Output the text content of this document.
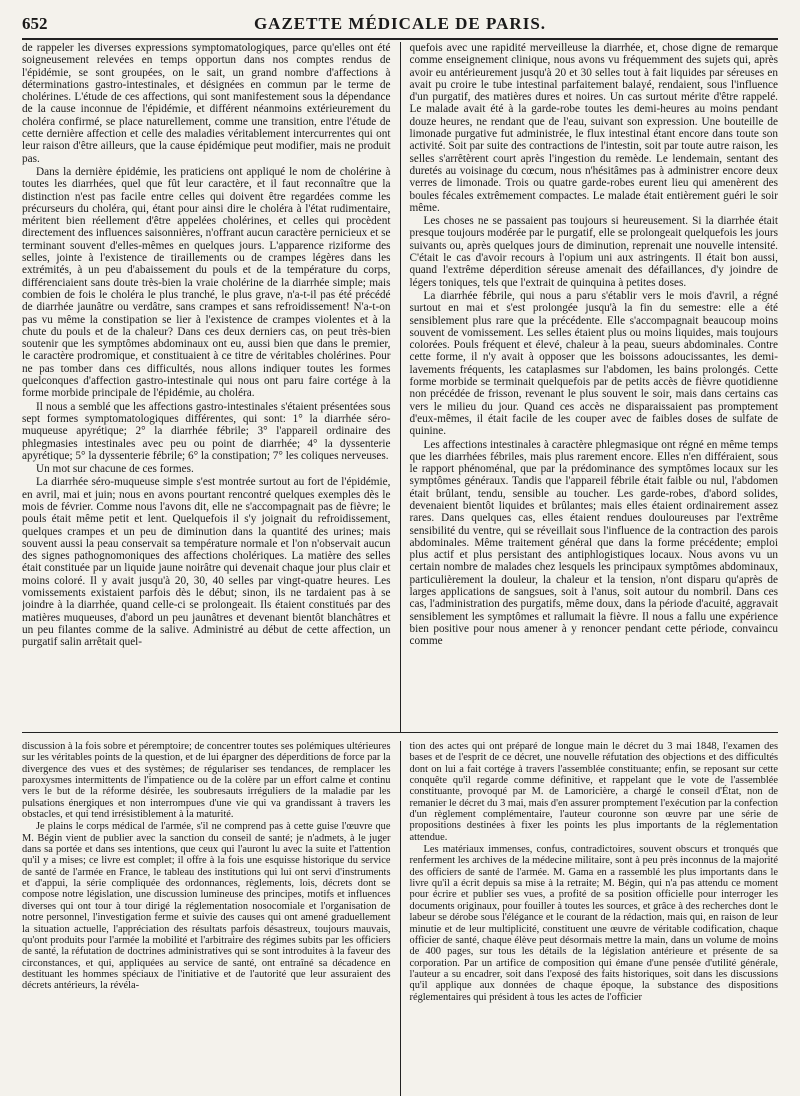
652	GAZETTE MÉDICALE DE PARIS.

de rappeler les diverses expressions symptomatologiques, parce qu'elles ont été soigneusement relevées en temps opportun dans nos comptes rendus de l'épidémie, se sont groupées, on le sait, un grand nombre d'affections à déterminations gastro-intestinales, et désignées en commun par le terme de cholérines. L'étude de ces affections, qui sont manifestement sous la dépendance de la cause inconnue de l'épidémie, et différent néanmoins extérieurement du choléra confirmé, se place naturellement, comme une transition, entre l'étude de cette dernière affection et celle des maladies véritablement intercurrentes qui ont leur raison d'être ailleurs, que la cause épidémique peut modifier, mais ne produit pas.

Dans la dernière épidémie, les praticiens ont appliqué le nom de cholérine à toutes les diarrhées, quel que fût leur caractère, et il faut reconnaître que la distinction n'est pas facile entre celles qui doivent être regardées comme les précurseurs du choléra, qui, étant pour ainsi dire le choléra à l'état rudimentaire, méritent bien réellement d'être appelées cholérines, et celles qui procèdent directement des influences saisonnières, n'offrant aucun caractère pernicieux et se terminant souvent d'elles-mêmes en quelques jours. L'apparence riziforme des selles, jointe à l'existence de tiraillements ou de crampes légères dans les extrémités, à un peu d'abaissement du pouls et de la température du corps, différenciaient sans doute très-bien la vraie cholérine de la diarrhée simple; mais combien de fois le choléra le plus tranché, le plus grave, n'a-t-il pas été précédé de diarrhée jaunâtre ou verdâtre, sans crampes et sans refroidissement! N'a-t-on pas vu même la constipation se lier à l'existence de crampes violentes et à la chute du pouls et de la chaleur? Dans ces deux derniers cas, on peut très-bien soutenir que les symptômes abdominaux ont eu, aussi bien que dans le premier, le caractère prodromique, et constituaient à ce titre de véritables cholérines. Pour ne pas tomber dans ces difficultés, nous allons indiquer toutes les formes quelconques d'affection gastro-intestinale qui nous ont paru faire cortége à la forme morbide principale de l'épidémie, au choléra.

Il nous a semblé que les affections gastro-intestinales s'étaient présentées sous sept formes symptomatologiques différentes, qui sont: 1° la diarrhée séro-muqueuse apyrétique; 2° la diarrhée fébrile; 3° l'appareil ordinaire des phlegmasies intestinales avec peu ou point de diarrhée; 4° la dyssenterie apyrétique; 5° la dyssenterie fébrile; 6° la constipation; 7° les coliques nerveuses.

Un mot sur chacune de ces formes.

La diarrhée séro-muqueuse simple s'est montrée surtout au fort de l'épidémie, en avril, mai et juin; nous en avons pourtant rencontré quelques exemples dès le mois de février. Comme nous l'avons dit, elle ne s'accompagnait pas de fièvre; le pouls était même petit et lent. Quelquefois il s'y joignait du refroidissement, quelques crampes et un peu de diminution dans la quantité des urines; mais souvent aussi la peau conservait sa température normale et l'on n'observait aucun des signes pathognomoniques des affections cholériques. La matière des selles était constituée par un liquide jaune noirâtre qui devenait chaque jour plus clair et moins coloré. Il y avait jusqu'à 20, 30, 40 selles par vingt-quatre heures. Les vomissements existaient parfois dès le début; sinon, ils ne tardaient pas à se joindre à la diarrhée, quand celle-ci se prolongeait. Ils étaient constitués par des matières muqueuses, d'abord un peu jaunâtres et devenant bientôt blanchâtres et un peu filantes comme de la salive. Administré au début de cette affection, un purgatif salin arrêtait quel-

quefois avec une rapidité merveilleuse la diarrhée, et, chose digne de remarque comme enseignement clinique, nous avons vu fréquemment des sujets qui, après avoir eu antérieurement jusqu'à 20 et 30 selles tout à fait liquides par séreuses en avait pu croire le tube intestinal parfaitement balayé, rendaient, sous l'influence d'un purgatif, des matières dures et noires. Un cas surtout mérite d'être rappelé. Le malade avait été à la garde-robe toutes les demi-heures au moins pendant douze heures, ne rendant que de l'eau, suivant son expression. Une bouteille de limonade purgative fut administrée, le flux intestinal étant encore dans toute son activité. Soit par suite des contractions de l'intestin, soit par toute autre raison, les selles s'arrêtèrent court après l'ingestion du remède. Le lendemain, sentant des duretés au voisinage du cœcum, nous n'hésitâmes pas à administrer encore deux verres de limonade. Trois ou quatre garde-robes eurent lieu qui amenèrent des boules fécales extrêmement compactes. Le malade était entièrement guéri le soir même.

Les choses ne se passaient pas toujours si heureusement. Si la diarrhée était presque toujours modérée par le purgatif, elle se prolongeait quelquefois les jours suivants ou, après quelques jours de diminution, reprenait une nouvelle intensité. C'était le cas d'avoir recours à l'opium uni aux astringents. Il était bon aussi, quand l'extrême déperdition séreuse amenait des défaillances, d'y joindre de légers toniques, tels que l'extrait de quinquina à petites doses.

La diarrhée fébrile, qui nous a paru s'établir vers le mois d'avril, a régné surtout en mai et s'est prolongée jusqu'à la fin du semestre: elle a été sensiblement plus rare que la précédente. Elle s'accompagnait beaucoup moins souvent de vomissement. Les selles étaient plus ou moins liquides, mais toujours colorées. Pouls fréquent et élevé, chaleur à la peau, sueurs abdominales. Contre cette forme, il n'y avait à opposer que les boissons adoucissantes, les demi-lavements fréquents, les cataplasmes sur l'abdomen, les bains prolongés. Cette forme morbide se terminait quelquefois par de petits accès de fièvre quotidienne non précédée de frisson, revenant le plus souvent le soir, mais dans certains cas vers le milieu du jour. Quand ces accès ne disparaissaient pas promptement d'eux-mêmes, il était facile de les couper avec de faibles doses de sulfate de quinine.

Les affections intestinales à caractère phlegmasique ont régné en même temps que les diarrhées fébriles, mais plus rarement encore. Elles n'en différaient, sous le rapport phénoménal, que par la prédominance des symptômes locaux sur les symptômes généraux. Tandis que l'appareil fébrile était faible ou nul, l'abdomen était brûlant, tendu, sensible au toucher. Les garde-robes, d'abord solides, devenaient bientôt liquides et brûlantes; mais elles étaient ordinairement assez rares. Dans quelques cas, elles étaient rendues douloureuses par l'extrême sensibilité du ventre, qui se réveillait sous l'influence de la contraction des parois abdominales. Même traitement général que dans la forme précédente; emploi plus actif et plus persistant des antiphlogistiques locaux. Nous avons vu un certain nombre de malades chez lesquels les principaux symptômes abdominaux, particulièrement la douleur, la chaleur et la tension, n'ont disparu qu'après de larges applications de sangsues, soit à l'anus, soit autour du nombril. Dans ces cas, l'administration des purgatifs, même doux, dans la période d'acuité, aggravait sensiblement les symptômes et rallumait la fièvre. Il nous a fallu une expérience bien positive pour nous amener à y renoncer pendant cette période, convaincu comme

discussion à la fois sobre et péremptoire; de concentrer toutes ses polémiques ultérieures sur les véritables points de la question, et de lui épargner des déperditions de force par la divergence des vues et des systèmes; de régulariser ses tendances, de remplacer les paroxysmes intermittents de l'impatience ou de la colère par un effort calme et continu vers le but de la réforme désirée, les soubresauts irréguliers de la maladie par les pulsations énergiques et non interrompues d'une vie qui va grandissant à travers les obstacles, et qui tend irrésistiblement à la maturité.

Je plains le corps médical de l'armée, s'il ne comprend pas à cette guise l'œuvre que M. Bégin vient de publier avec la sanction du conseil de santé; je n'admets, à le juger dans sa portée et dans ses intentions, que ceux qui l'auront lu avec la suite et l'attention qu'il y a mises; ce livre est complet; il offre à la fois une esquisse historique du service de santé de l'armée en France, le tableau des institutions qui lui ont servi d'instruments et d'appui, la série compliquée des ordonnances, règlements, lois, décrets dont se compose notre législation, une discussion lumineuse des principes, motifs et influences diverses qui ont tour à tour dirigé la réglementation nosocomiale et l'organisation de notre personnel, l'investigation ferme et suivie des causes qui ont amené graduellement la situation actuelle, l'appréciation des résultats parfois désastreux, toujours mauvais, qu'ont produits pour l'armée la mobilité et l'arbitraire des régimes subits par les officiers de santé, la réfutation de doctrines administratives qui se sont introduites à la faveur des circonstances, et qui, appliquées au service de santé, ont entraîné sa décadence en destituant les hommes spéciaux de l'initiative et de l'autorité que leur assuraient des décrets antérieurs, la révéla-

tion des actes qui ont préparé de longue main le décret du 3 mai 1848, l'examen des bases et de l'esprit de ce décret, une nouvelle réfutation des objections et des difficultés dont on lui a fait cortége à travers l'assemblée constituante; enfin, se reposant sur cette conquête qu'il regarde comme définitive, et rappelant que le vote de l'assemblée constituante, provoqué par M. de Lamoricière, a chargé le conseil d'État, non de remanier le décret du 3 mai, mais d'en assurer promptement l'exécution par la confection d'un règlement complémentaire, l'auteur couronne son œuvre par une série de propositions destinées à fixer les points les plus importants de la réglementation attendue.

Les matériaux immenses, confus, contradictoires, souvent obscurs et tronqués que renferment les archives de la médecine militaire, sont à peu près inconnus de la majorité des officiers de santé de l'armée. M. Gama en a rassemblé les plus importants dans le livre qu'il a écrit depuis sa mise à la retraite; M. Bégin, qui n'a pas attendu ce moment pour écrire et publier ses vues, a profité de sa position officielle pour interroger les documents originaux, pour fouiller à toutes les sources, et grâce à des recherches dont le labeur se dérobe sous l'élégance et le courant de la rédaction, mais qui, en raison de leur minutie et de leur multiplicité, constituent une œuvre de véritable codification, chaque officier de santé, chaque élève peut désormais mettre la main, dans un volume de moins de 400 pages, sur tous les détails de la législation antérieure et présente de sa corporation. Par un artifice de composition qui émane d'une pensée d'utilité générale, l'auteur a su encadrer, soit dans l'exposé des faits historiques, soit dans les discussions qu'il applique aux données de chaque époque, la substance des dispositions réglementaires qui président à tous les actes de l'officier
